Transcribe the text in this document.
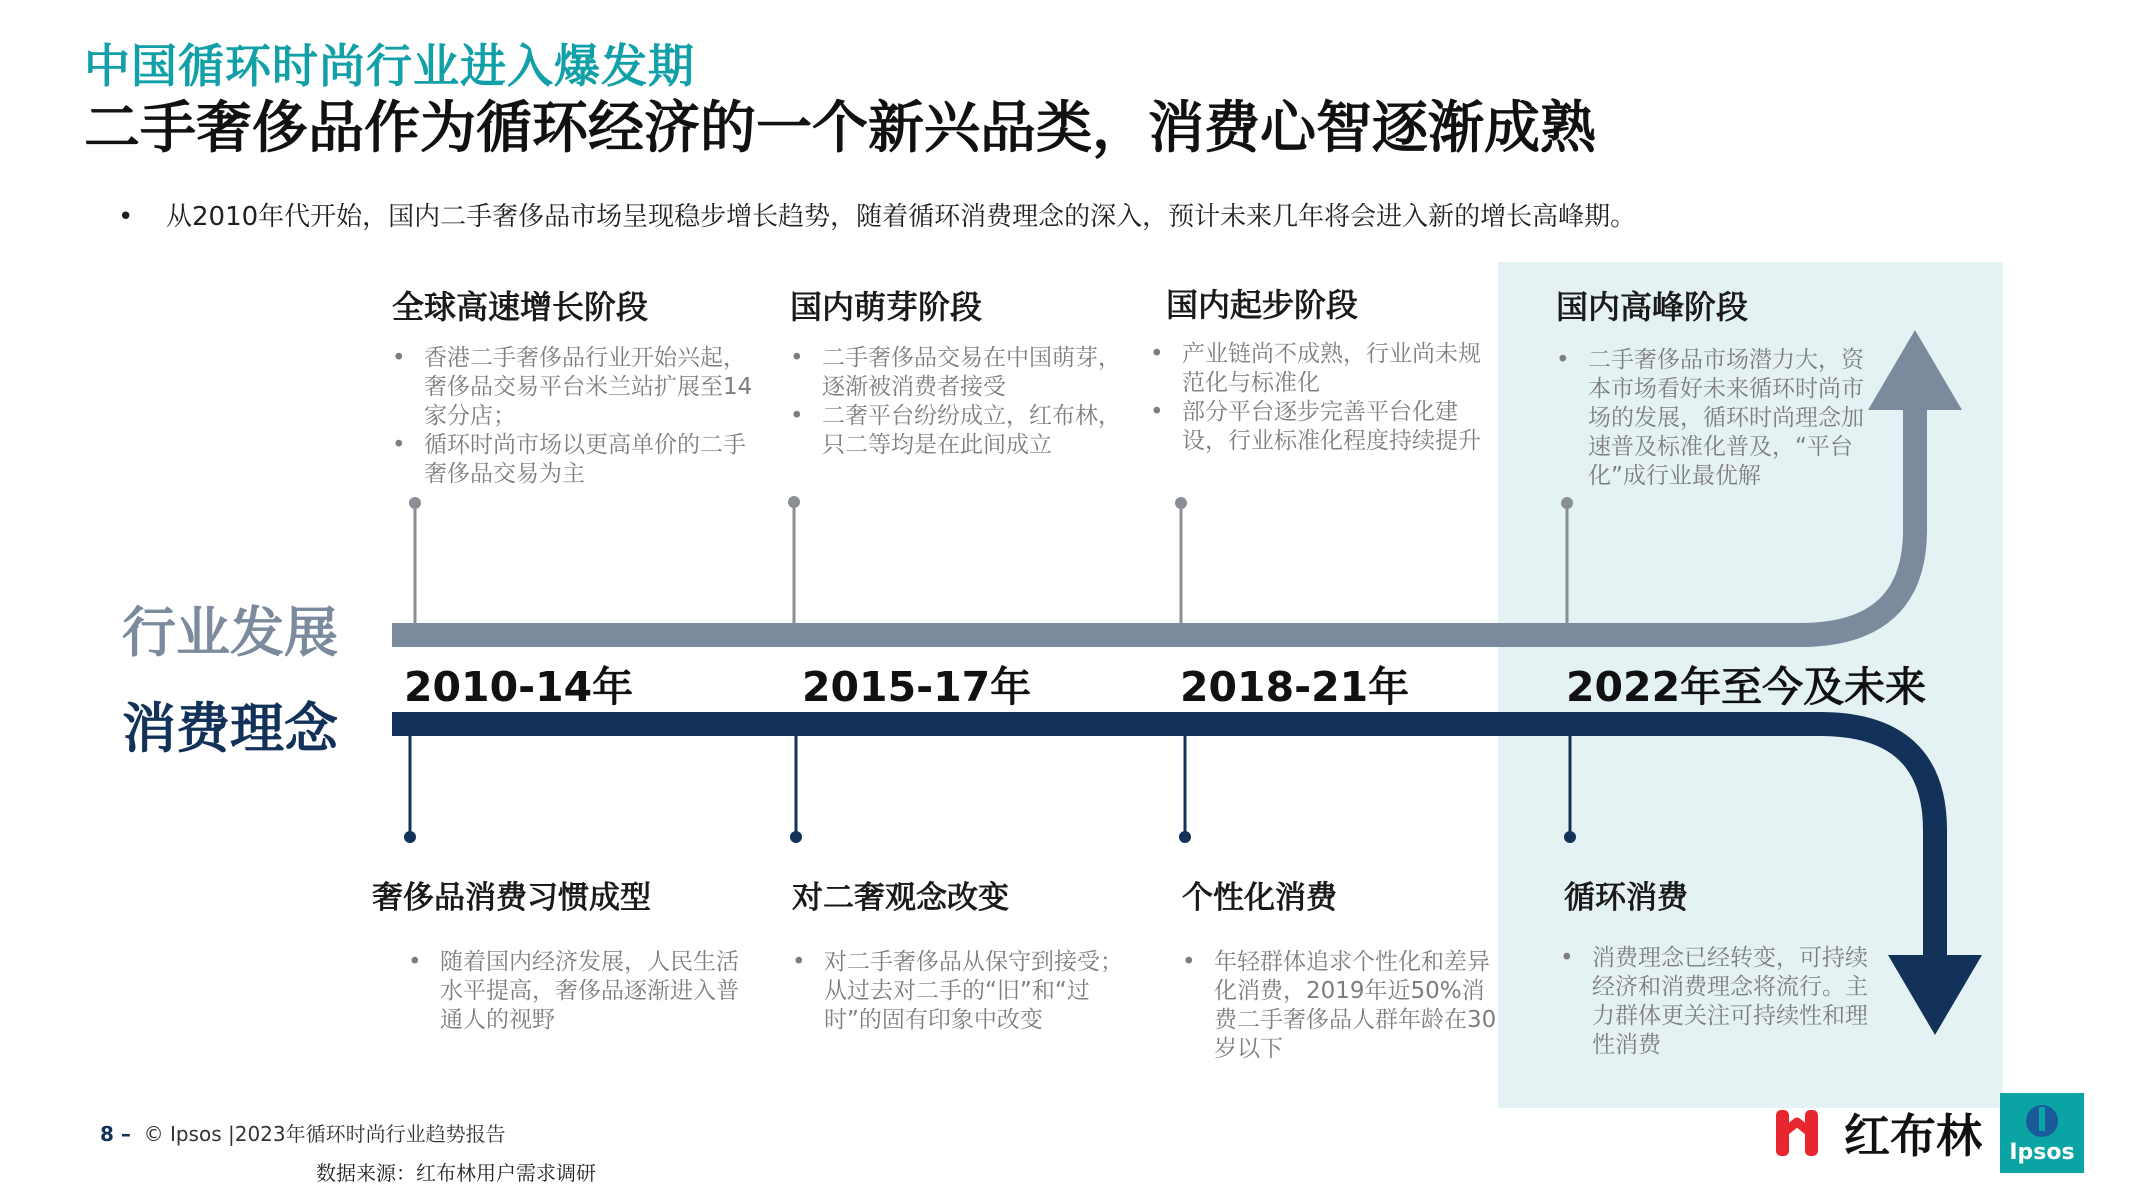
中国循环时尚行业进入爆发期
二手奢侈品作为循环经济的一个新兴品类，消费心智逐渐成熟
• 从2010年代开始，国内二手奢侈品市场呈现稳步增长趋势，随着循环消费理念的深入，预计未来几年将会进入新的增长高峰期。
行业发展
消费理念
全球高速增长阶段
• 香港二手奢侈品行业开始兴起，奢侈品交易平台米兰站扩展至14家分店；
• 循环时尚市场以更高单价的二手奢侈品交易为主
2010-14年
奢侈品消费习惯成型
• 随着国内经济发展，人民生活水平提高，奢侈品逐渐进入普通人的视野
国内萌芽阶段
• 二手奢侈品交易在中国萌芽，逐渐被消费者接受
• 二奢平台纷纷成立，红布林，只二等均是在此间成立
2015-17年
对二奢观念改变
• 对二手奢侈品从保守到接受；从过去对二手的“旧”和“过时”的固有印象中改变
国内起步阶段
• 产业链尚不成熟，行业尚未规范化与标准化
• 部分平台逐步完善平台化建设，行业标准化程度持续提升
2018-21年
个性化消费
• 年轻群体追求个性化和差异化消费，2019年近50%消费二手奢侈品人群年龄在30岁以下
国内高峰阶段
• 二手奢侈品市场潜力大，资本市场看好未来循环时尚市场的发展，循环时尚理念加速普及标准化普及，“平台化”成行业最优解
2022年至今及未来
循环消费
• 消费理念已经转变，可持续经济和消费理念将流行。主力群体更关注可持续性和理性消费
8 – © Ipsos |2023年循环时尚行业趋势报告
数据来源：红布林用户需求调研
红布林	Ipsos
